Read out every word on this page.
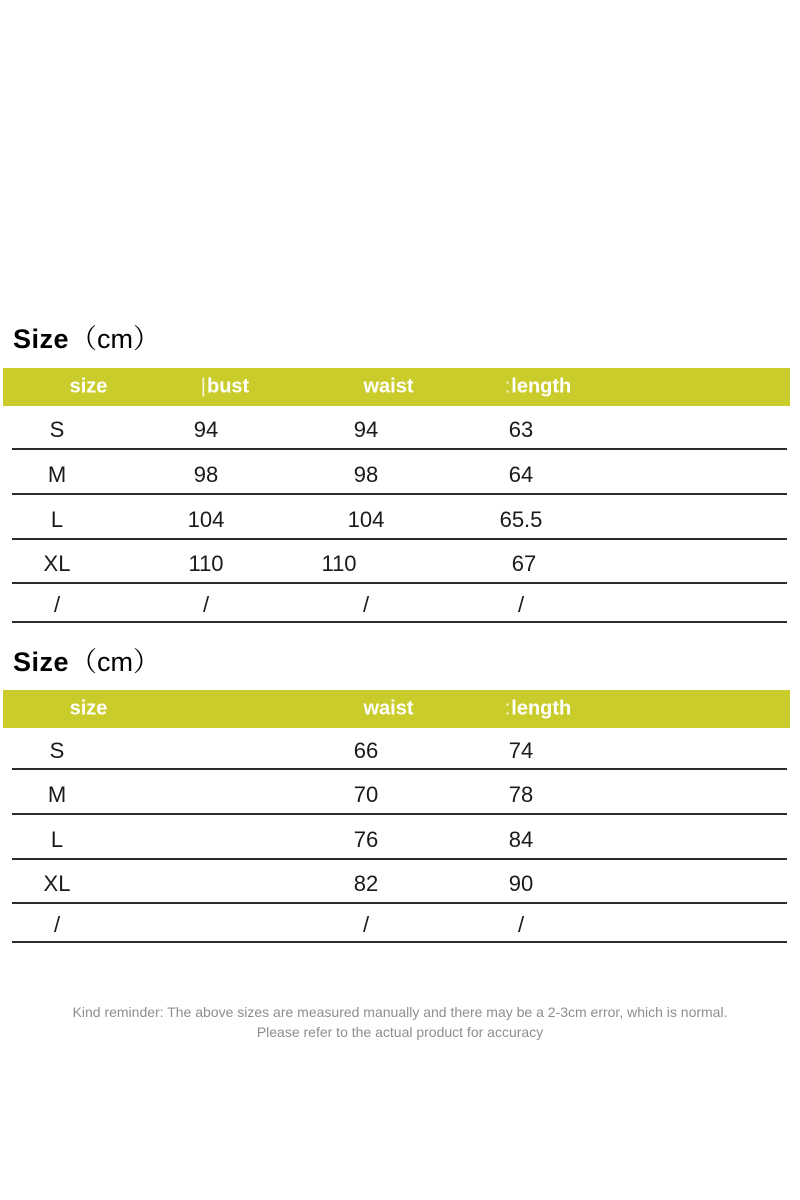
Size（cm）
size	|bust	waist	:length
S	94	94	63
M	98	98	64
L	104	104	65.5
XL	110	110	67
/	/	/	/
Size（cm）
size	waist	:length
S	66	74
M	70	78
L	76	84
XL	82	90
/	/	/
Kind reminder: The above sizes are measured manually and there may be a 2-3cm error, which is normal.
Please refer to the actual product for accuracy
